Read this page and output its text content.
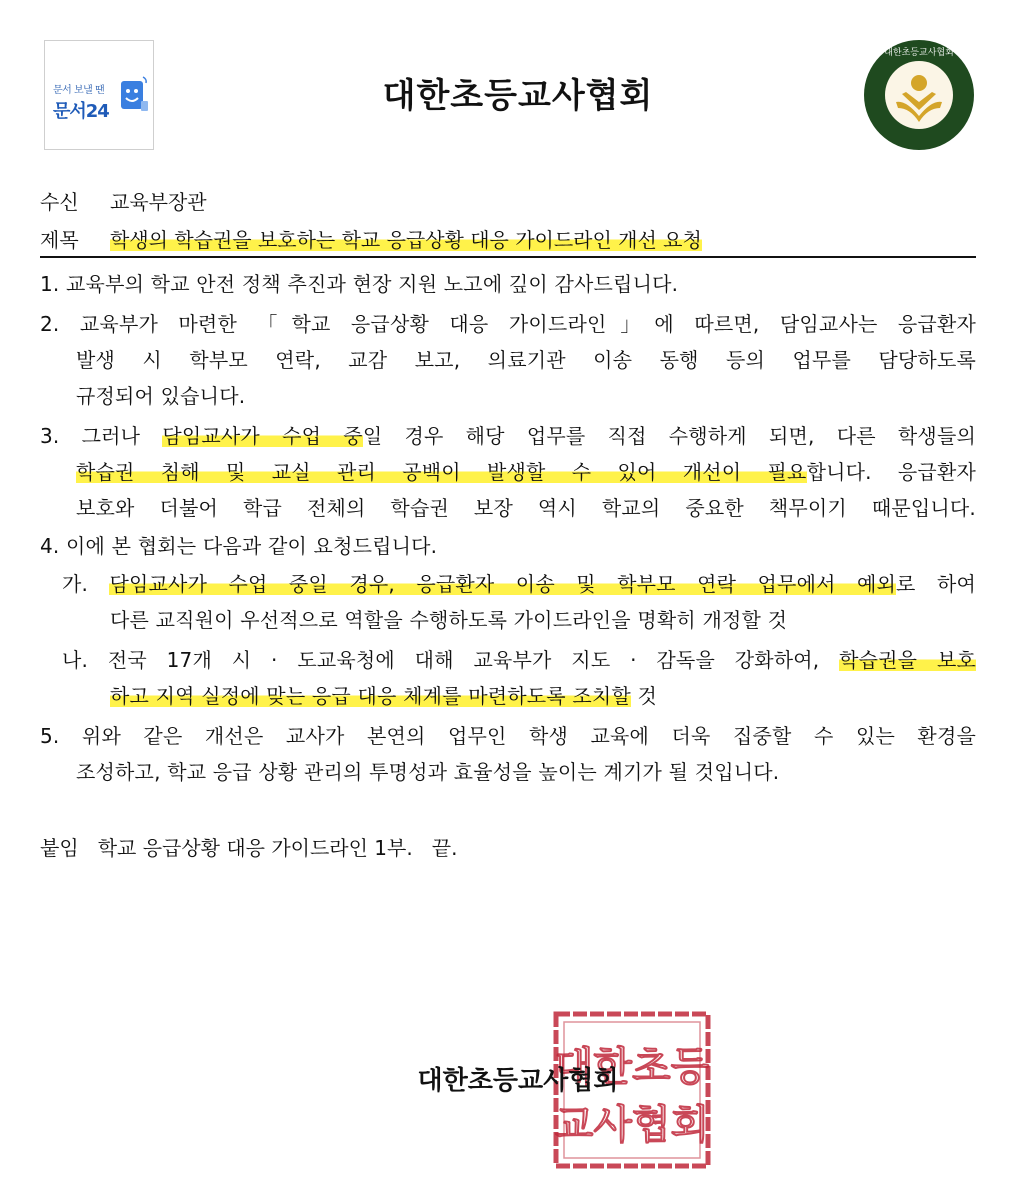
문서 보낼 땐
문서24	대한초등교사협회
대한초등교사협회
수신 교육부장관
제목 학생의 학습권을 보호하는 학교 응급상황 대응 가이드라인 개선 요청
1. 교육부의 학교 안전 정책 추진과 현장 지원 노고에 깊이 감사드립니다.
2. 교육부가 마련한 「학교 응급상황 대응 가이드라인」에 따르면, 담임교사는 응급환자
발생 시 학부모 연락, 교감 보고, 의료기관 이송 동행 등의 업무를 담당하도록
규정되어 있습니다.
3. 그러나 담임교사가 수업 중일 경우 해당 업무를 직접 수행하게 되면, 다른 학생들의
학습권 침해 및 교실 관리 공백이 발생할 수 있어 개선이 필요합니다. 응급환자
보호와 더불어 학급 전체의 학습권 보장 역시 학교의 중요한 책무이기 때문입니다.
4. 이에 본 협회는 다음과 같이 요청드립니다.
가. 담임교사가 수업 중일 경우, 응급환자 이송 및 학부모 연락 업무에서 예외로 하여
다른 교직원이 우선적으로 역할을 수행하도록 가이드라인을 명확히 개정할 것
나. 전국 17개 시 · 도교육청에 대해 교육부가 지도 · 감독을 강화하여, 학습권을 보호
하고 지역 실정에 맞는 응급 대응 체계를 마련하도록 조치할 것
5. 위와 같은 개선은 교사가 본연의 업무인 학생 교육에 더욱 집중할 수 있는 환경을
조성하고, 학교 응급 상황 관리의 투명성과 효율성을 높이는 계기가 될 것입니다.
붙임 학교 응급상황 대응 가이드라인 1부. 끝.
대한초등
교사협회
대한초등교사협회
